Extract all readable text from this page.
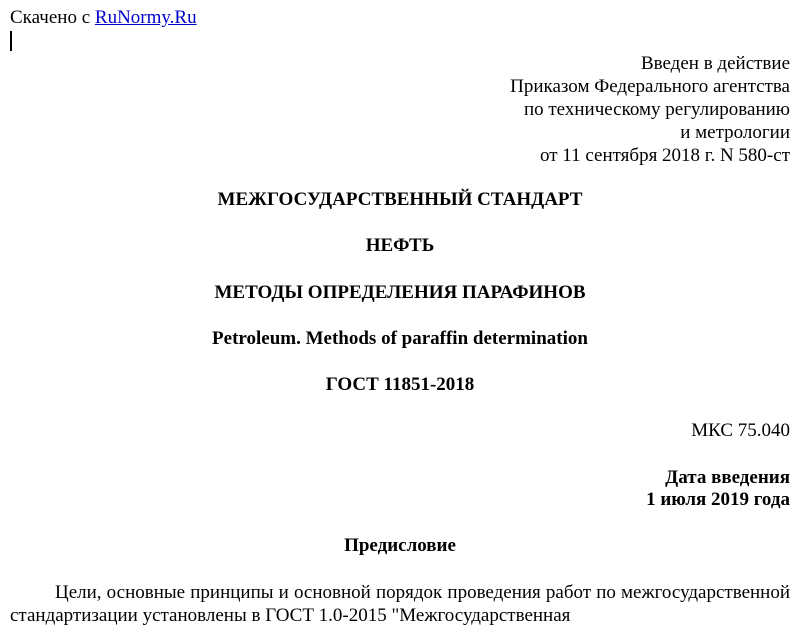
Скачено с RuNormy.Ru
Введен в действие
Приказом Федерального агентства
по техническому регулированию
и метрологии
от 11 сентября 2018 г. N 580-ст
МЕЖГОСУДАРСТВЕННЫЙ СТАНДАРТ
НЕФТЬ
МЕТОДЫ ОПРЕДЕЛЕНИЯ ПАРАФИНОВ
Petroleum. Methods of paraffin determination
ГОСТ 11851-2018
МКС 75.040
Дата введения
1 июля 2019 года
Предисловие
Цели, основные принципы и основной порядок проведения работ по межгосударственной стандартизации установлены в ГОСТ 1.0-2015 "Межгосударственная
